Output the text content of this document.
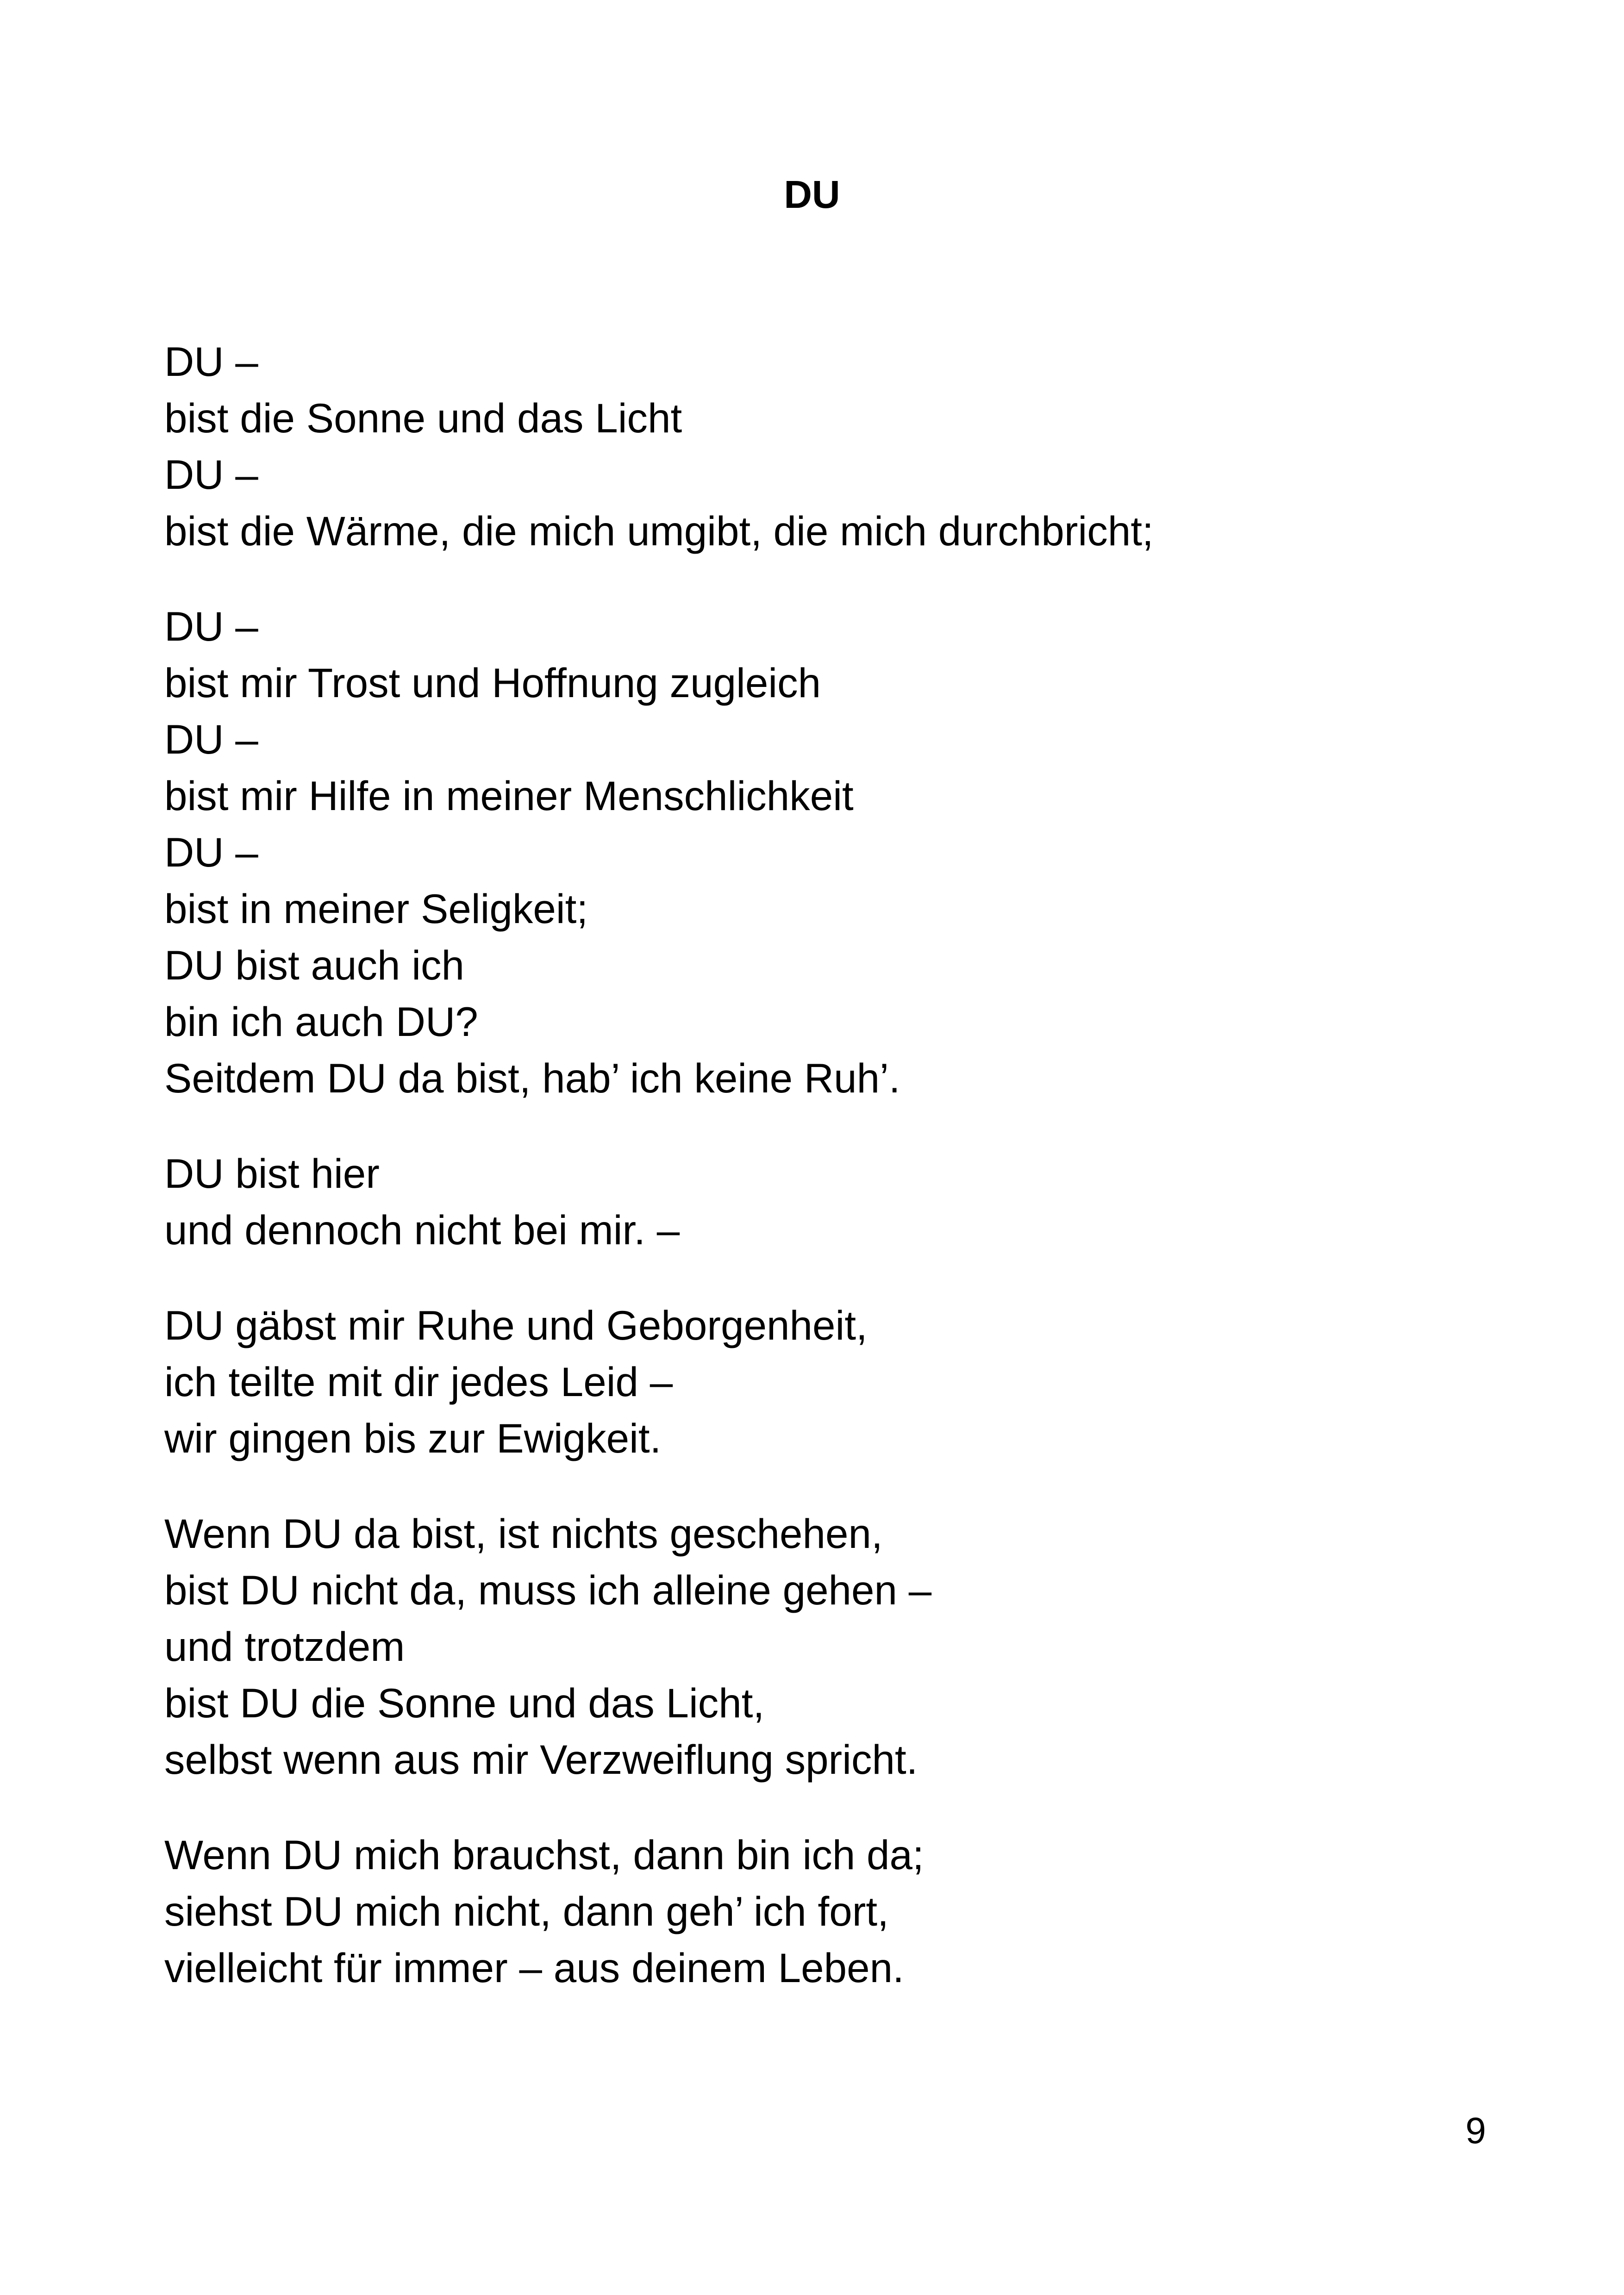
DU

DU –

bist die Sonne und das Licht

DU –

bist die Wärme, die mich umgibt, die mich durchbricht;

DU –

bist mir Trost und Hoffnung zugleich

DU –

bist mir Hilfe in meiner Menschlichkeit

DU –

bist in meiner Seligkeit;

DU bist auch ich

bin ich auch DU?

Seitdem DU da bist, hab’ ich keine Ruh’.

DU bist hier

und dennoch nicht bei mir. –

DU gäbst mir Ruhe und Geborgenheit,

ich teilte mit dir jedes Leid –

wir gingen bis zur Ewigkeit.

Wenn DU da bist, ist nichts geschehen,

bist DU nicht da, muss ich alleine gehen –

und trotzdem

bist DU die Sonne und das Licht,

selbst wenn aus mir Verzweiflung spricht.

Wenn DU mich brauchst, dann bin ich da;

siehst DU mich nicht, dann geh’ ich fort,

vielleicht für immer – aus deinem Leben.

9
